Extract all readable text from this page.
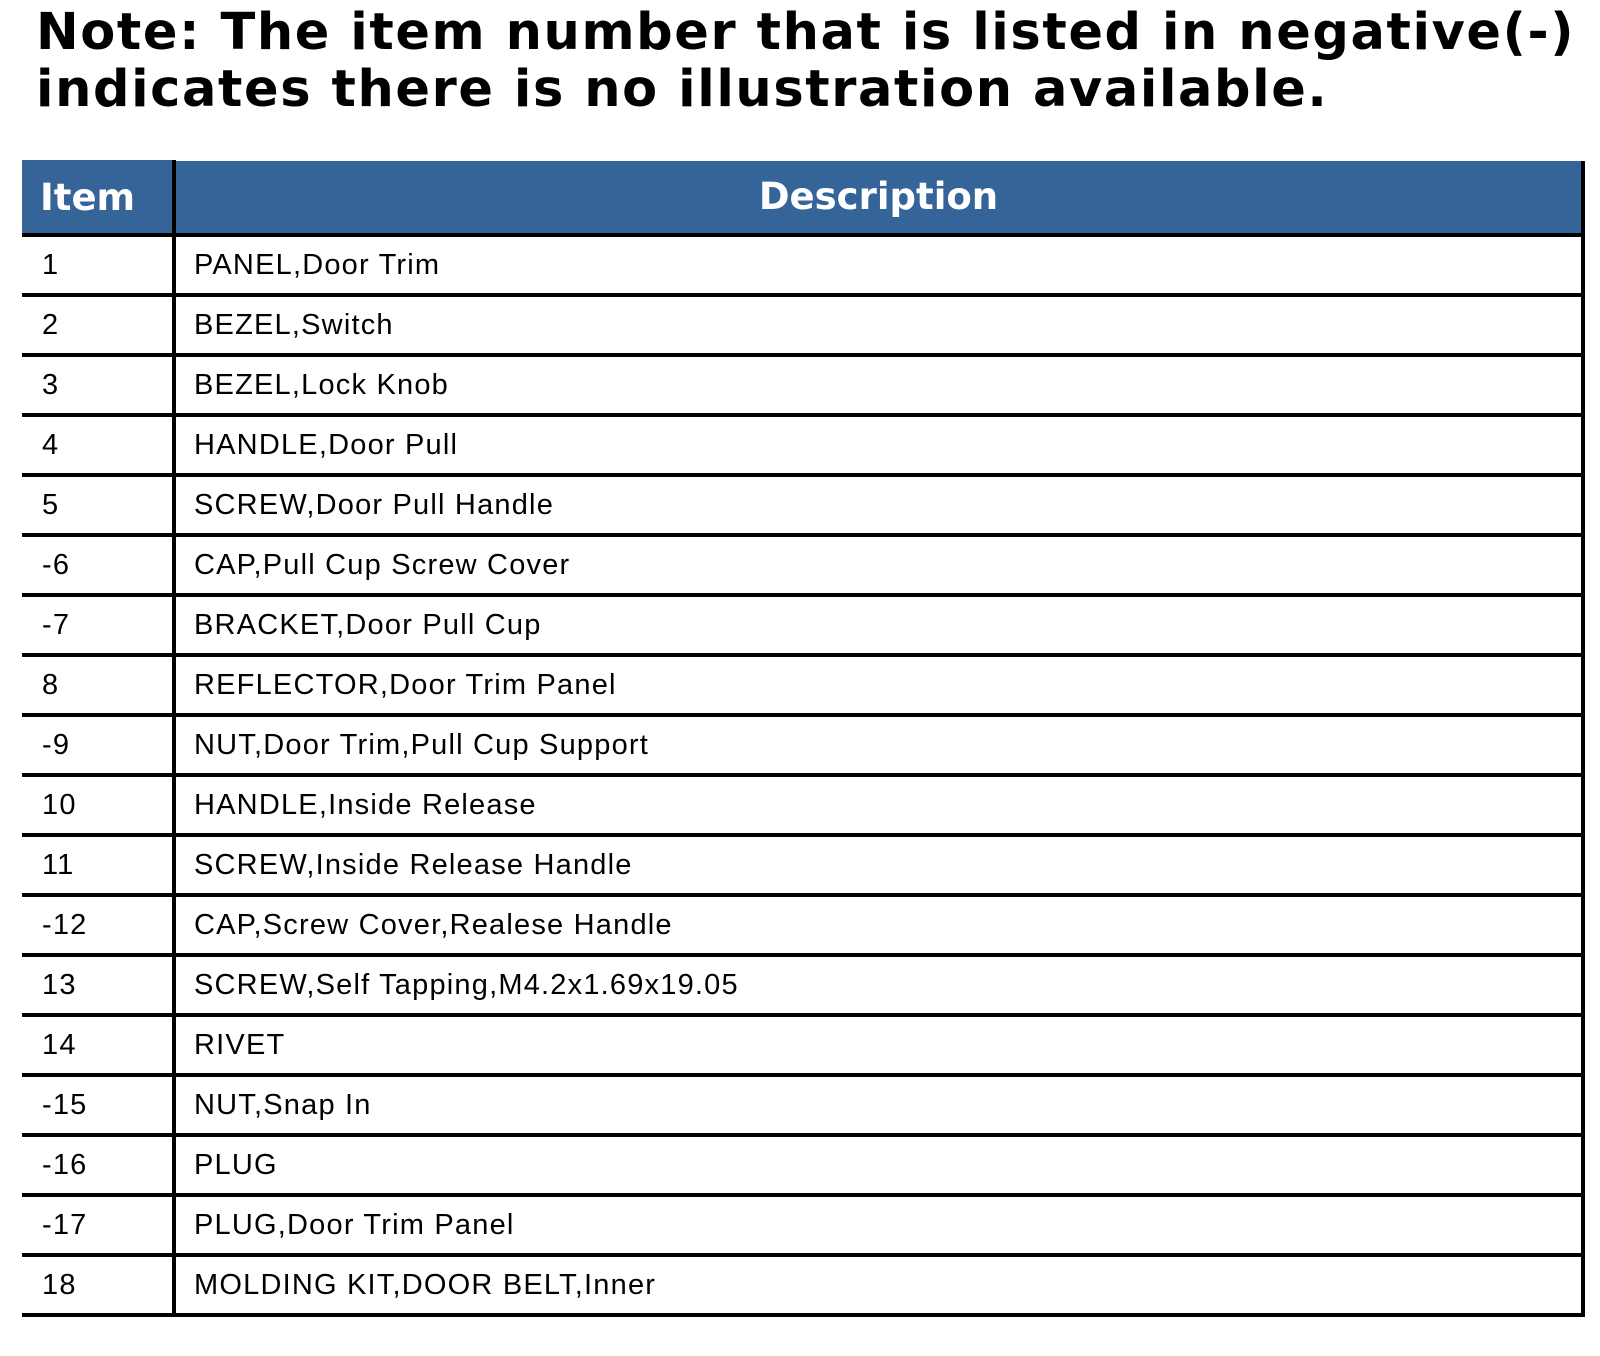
Note: The item number that is listed in negative(-)
indicates there is no illustration available.
Item	Description
1	PANEL,Door Trim
2	BEZEL,Switch
3	BEZEL,Lock Knob
4	HANDLE,Door Pull
5	SCREW,Door Pull Handle
-6	CAP,Pull Cup Screw Cover
-7	BRACKET,Door Pull Cup
8	REFLECTOR,Door Trim Panel
-9	NUT,Door Trim,Pull Cup Support
10	HANDLE,Inside Release
11	SCREW,Inside Release Handle
-12	CAP,Screw Cover,Realese Handle
13	SCREW,Self Tapping,M4.2x1.69x19.05
14	RIVET
-15	NUT,Snap In
-16	PLUG
-17	PLUG,Door Trim Panel
18	MOLDING KIT,DOOR BELT,Inner
